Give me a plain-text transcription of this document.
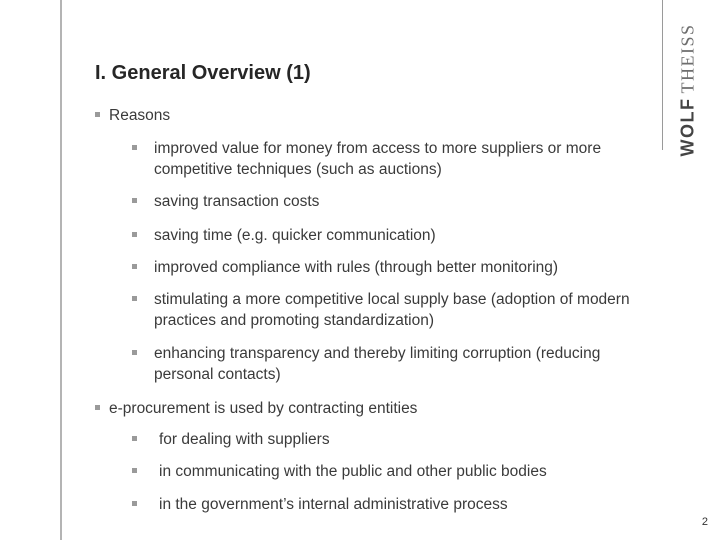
WOLFTHEISS
I. General Overview (1)
Reasons
improved value for money from access to more suppliers or more competitive techniques (such as auctions)
saving transaction costs
saving time (e.g. quicker communication)
improved compliance with rules (through better monitoring)
stimulating a more competitive local supply base (adoption of modern practices and promoting standardization)
enhancing transparency and thereby limiting corruption (reducing personal contacts)
e-procurement is used by contracting entities
for dealing with suppliers
in communicating with the public and other public bodies
in the government’s internal administrative process
2
